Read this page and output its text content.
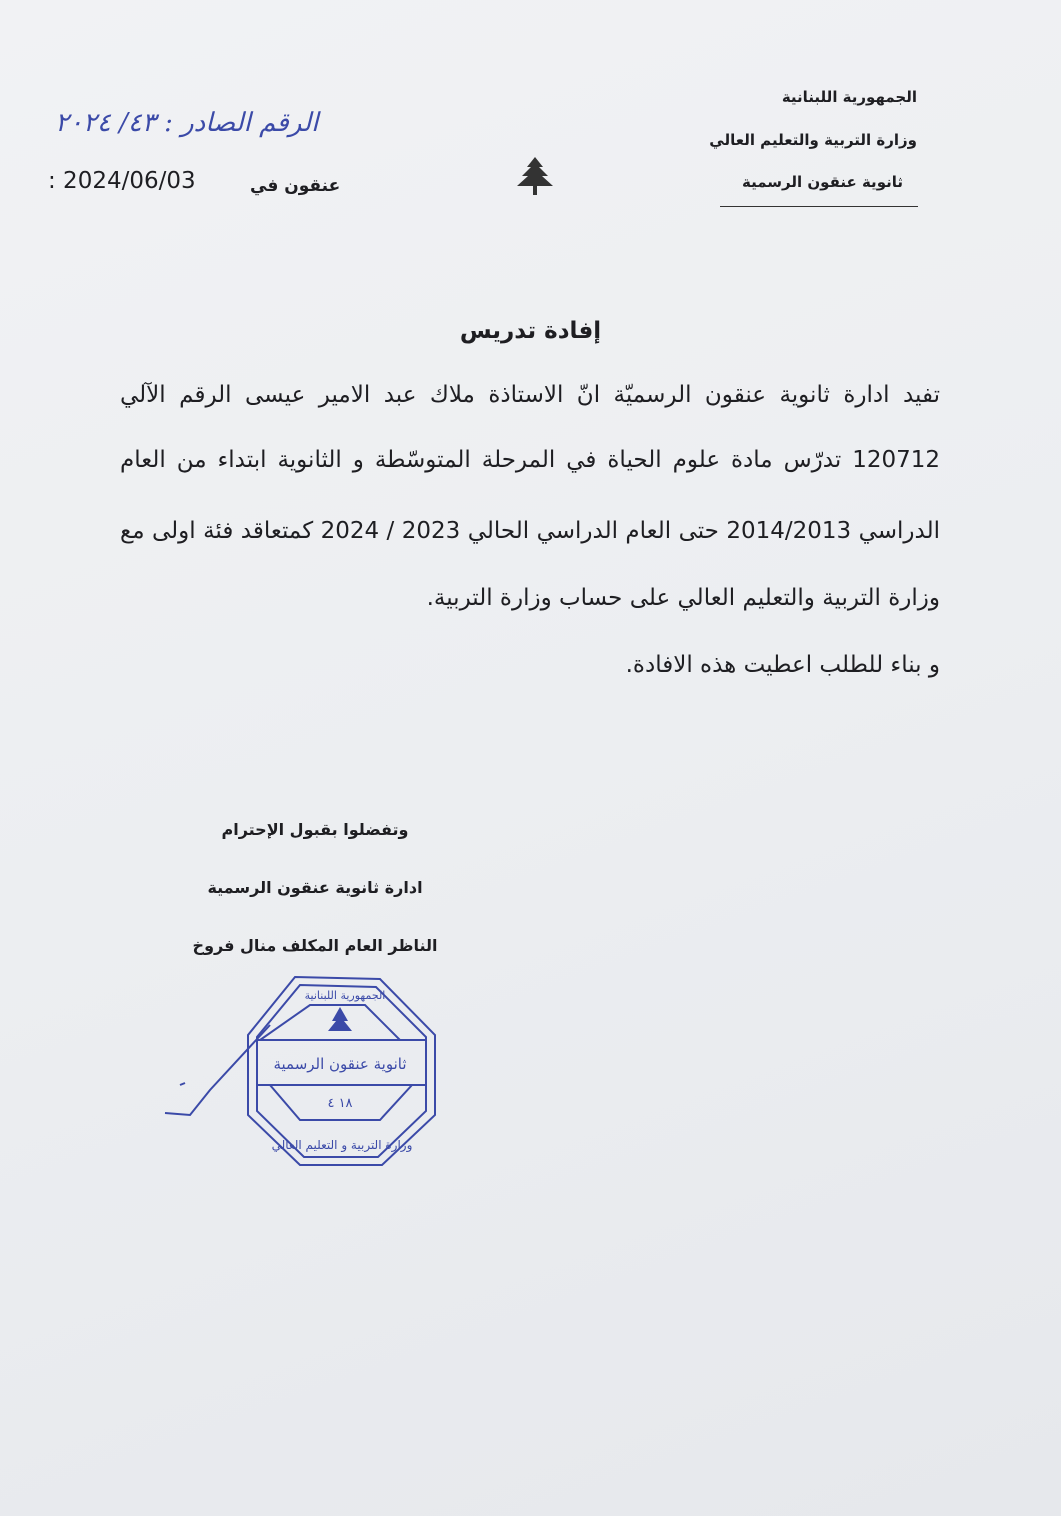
الجمهورية اللبنانية
وزارة التربية والتعليم العالي
ثانوية عنقون الرسمية
الرقم الصادر : ٤٣/ ٢٠٢٤
عنقون في
: 2024/06/03
إفادة تدريس
تفيد ادارة ثانوية عنقون الرسميّة انّ الاستاذة ملاك عبد الامير عيسى الرقم الآلي
120712 تدرّس مادة علوم الحياة في المرحلة المتوسّطة و الثانوية ابتداء من العام
الدراسي 2014/2013 حتى العام الدراسي الحالي 2023 / 2024 كمتعاقد فئة اولى مع
وزارة التربية والتعليم العالي على حساب وزارة التربية.
و بناء للطلب اعطيت هذه الافادة.
وتفضلوا بقبول الإحترام
ادارة ثانوية عنقون الرسمية
الناظر العام المكلف منال فروخ
ثانوية عنقون الرسمية
١٨ ٤
وزارة التربية و التعليم العالي
الجمهورية اللبنانية
